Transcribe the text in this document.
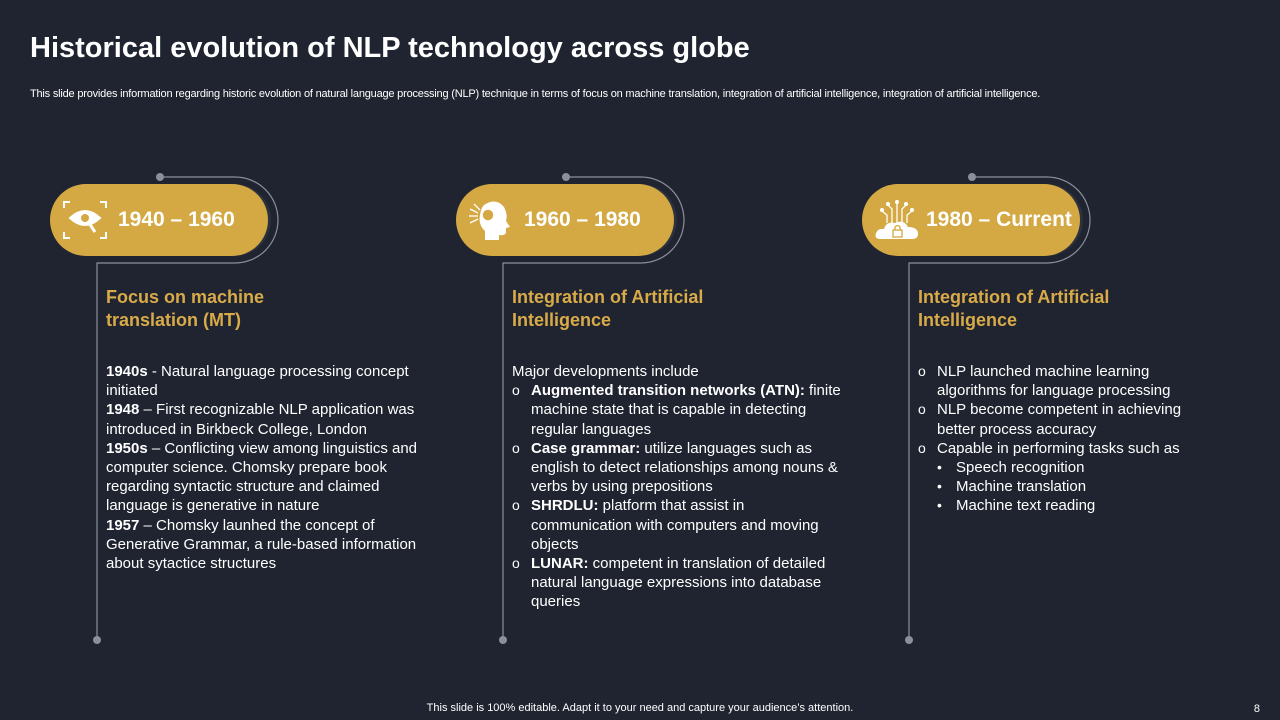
Historical evolution of NLP technology across globe
This slide provides information regarding historic evolution of natural language processing (NLP) technique in terms of focus on machine translation, integration of artificial intelligence, integration of artificial intelligence.
1940 – 1960
Focus on machine translation (MT)
1940s - Natural language processing concept initiated
1948 – First recognizable NLP application was introduced in Birkbeck College, London
1950s – Conflicting view among linguistics and computer science. Chomsky prepare book regarding syntactic structure and claimed language is generative in nature
1957 – Chomsky launhed the concept of Generative Grammar, a rule-based information about sytactice structures
1960 – 1980
Integration of Artificial Intelligence
Major developments include
o Augmented transition networks (ATN): finite machine state that is capable in detecting regular languages
o Case grammar: utilize languages such as english to detect relationships among nouns & verbs by using prepositions
o SHRDLU: platform that assist in communication with computers and moving objects
o LUNAR: competent in translation of detailed natural language expressions into database queries
1980 – Current
Integration of Artificial Intelligence
o NLP launched machine learning algorithms for language processing
o NLP become competent in achieving better process accuracy
o Capable in performing tasks such as
• Speech recognition
• Machine translation
• Machine text reading
This slide is 100% editable. Adapt it to your need and capture your audience’s attention.	8
